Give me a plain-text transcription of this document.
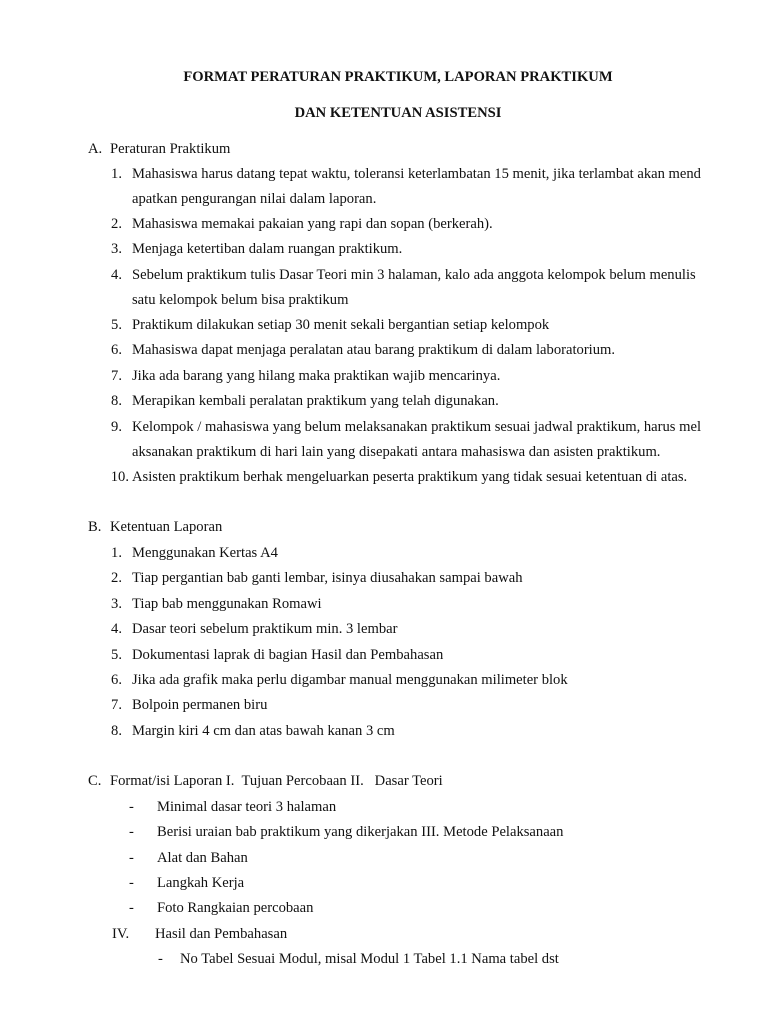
FORMAT PERATURAN PRAKTIKUM, LAPORAN PRAKTIKUM
DAN KETENTUAN ASISTENSI
A. Peraturan Praktikum
1. Mahasiswa harus datang tepat waktu, toleransi keterlambatan 15 menit, jika terlambat akan mend
apatkan pengurangan nilai dalam laporan.
2. Mahasiswa memakai pakaian yang rapi dan sopan (berkerah).
3. Menjaga ketertiban dalam ruangan praktikum.
4. Sebelum praktikum tulis Dasar Teori min 3 halaman, kalo ada anggota kelompok belum menulis
satu kelompok belum bisa praktikum
5. Praktikum dilakukan setiap 30 menit sekali bergantian setiap kelompok
6. Mahasiswa dapat menjaga peralatan atau barang praktikum di dalam laboratorium.
7. Jika ada barang yang hilang maka praktikan wajib mencarinya.
8. Merapikan kembali peralatan praktikum yang telah digunakan.
9. Kelompok / mahasiswa yang belum melaksanakan praktikum sesuai jadwal praktikum, harus mel
aksanakan praktikum di hari lain yang disepakati antara mahasiswa dan asisten praktikum.
10. Asisten praktikum berhak mengeluarkan peserta praktikum yang tidak sesuai ketentuan di atas.
B. Ketentuan Laporan
1. Menggunakan Kertas A4
2. Tiap pergantian bab ganti lembar, isinya diusahakan sampai bawah
3. Tiap bab menggunakan Romawi
4. Dasar teori sebelum praktikum min. 3 lembar
5. Dokumentasi laprak di bagian Hasil dan Pembahasan
6. Jika ada grafik maka perlu digambar manual menggunakan milimeter blok
7. Bolpoin permanen biru
8. Margin kiri 4 cm dan atas bawah kanan 3 cm
C. Format/isi Laporan I.  Tujuan Percobaan II.   Dasar Teori
- Minimal dasar teori 3 halaman
- Berisi uraian bab praktikum yang dikerjakan III. Metode Pelaksanaan
- Alat dan Bahan
- Langkah Kerja
- Foto Rangkaian percobaan
IV. Hasil dan Pembahasan
- No Tabel Sesuai Modul, misal Modul 1 Tabel 1.1 Nama tabel dst
